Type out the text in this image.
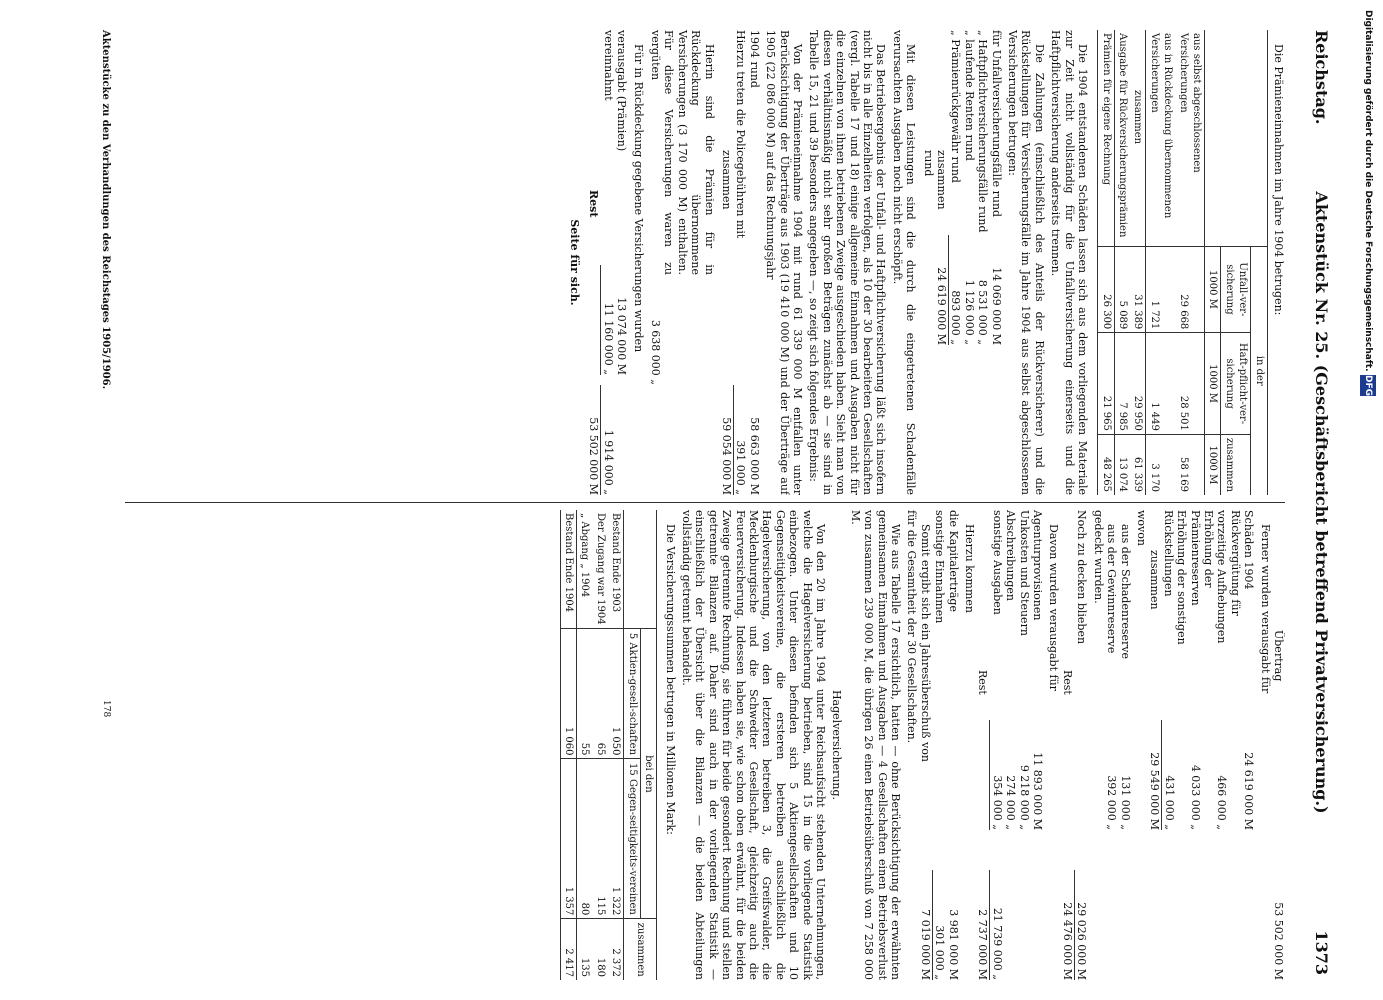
Digitalisierung gefördert durch die Deutsche Forschungsgemeinschaft. DFG
Reichstag.
Aktenstück Nr. 25. (Geschäftsbericht betreffend Privatversicherung.)
1373

Die Prämieneinnahmen im Jahre 1904 betrugen:

	in der		
	Unfall-ver-sicherung	Haft-pflicht-ver-sicherung	zusammen
	1000 M	1000 M	1000 M
aus selbst abgeschlossenen Versicherungen	29 668	28 501	58 169
aus in Rückdeckung übernommenen Versicherungen	1 721	1 449	3 170
zusammen	31 389	29 950	61 339
Ausgabe für Rückversicherungsprämien	5 089	7 985	13 074
Prämien für eigene Rechnung	26 300	21 965	48 265

Die 1904 entstandenen Schäden lassen sich aus dem vorliegenden Materiale zur Zeit nicht vollständig für die Unfallversicherung einerseits und die Haftpflichtversicherung anderseits trennen.

Die Zahlungen (einschließlich des Anteils der Rückversicherer) und die Rückstellungen für Versicherungsfälle im Jahre 1904 aus selbst abgeschlossenen Versicherungen betrugen:

für Unfallversicherungsfälle rund
14 069 000 M
„ Haftpflichtversicherungsfälle rund
8 531 000 „
„ laufende Renten rund
1 126 000 „
„ Prämienrückgewähr rund
893 000 „
zusammen rund
24 619 000 M

Mit diesen Leistungen sind die durch die eingetretenen Schadenfälle verursachten Ausgaben noch nicht erschöpft.

Das Betriebsergebnis der Unfall- und Haftpflichtversicherung läßt sich insofern nicht bis in alle Einzelheiten verfolgen, als 10 der 30 bearbeiteten Gesellschaften (vergl. Tabelle 17 und 18) einige allgemeine Einnahmen und Ausgaben nicht für die einzelnen von ihnen betriebenen Zweige ausgeschieden haben. Sieht man von diesen verhältnismäßig nicht sehr großen Beträgen zunächst ab — sie sind in Tabelle 15, 21 und 39 besonders angegeben —, so zeigt sich folgendes Ergebnis:

Von der Prämieneinnahme 1904 mit rund 61 339 000 M entfallen unter Berücksichtigung der Überträge aus 1903 (19 410 000 M) und der Überträge auf 1905 (22 086 000 M) auf das Rechnungsjahr

1904 rund
58 663 000 M
Hierzu treten die Policegebühren mit
391 000 „
zusammen
59 054 000 M
Hierin sind die Prämien für in Rückdeckung übernommene Versicherungen (3 170 000 M) enthalten. Für diese Versicherungen waren zu vergüten
3 638 000 „

Für in Rückdeckung gegebene Versicherungen wurden

verausgabt (Prämien)
13 074 000 M
vereinnahmt
11 160 000 „
1 914 000 „
Rest
53 502 000 M

Seite für sich.

Übertrag
53 502 000 M

Ferner wurden verausgabt für

Schäden 1904
24 619 000 M
Rückvergütung für vorzeitige Aufhebungen
466 000 „
Erhöhung der Prämienreserven
4 033 000 „
Erhöhung der sonstigen Rückstellungen
431 000 „
zusammen
29 549 000 M

wovon

aus der Schadenreserve
131 000 „
aus der Gewinnreserve
392 000 „

gedeckt wurden.

Noch zu decken blieben
29 026 000 M
Rest
24 476 000 M

Davon wurden verausgabt für

Agenturprovisionen
11 893 000 M
Unkosten und Steuern
9 218 000 „
Abschreibungen
274 000 „
sonstige Ausgaben
354 000 „
21 739 000 „
Rest
2 737 000 M

Hierzu kommen

die Kapitalerträge
3 981 000 M
sonstige Einnahmen
301 000 „
Somit ergibt sich ein Jahresüberschuß von
7 019 000 M

für die Gesamtheit der 30 Gesellschaften.

Wie aus Tabelle 17 ersichtlich, hatten — ohne Berücksichtigung der erwähnten gemeinsamen Einnahmen und Ausgaben — 4 Gesellschaften einen Betriebsverlust von zusammen 239 000 M, die übrigen 26 einen Betriebsüberschuß von 7 258 000 M.

Hagelversicherung.

Von den 20 im Jahre 1904 unter Reichsaufsicht stehenden Unternehmungen, welche die Hagelversicherung betrieben, sind 15 in die vorliegende Statistik einbezogen. Unter diesen befinden sich 5 Aktiengesellschaften und 10 Gegenseitigkeitsvereine, die ersteren betreiben ausschließlich die Hagelversicherung, von den letzteren betreiben 3, die Greifswalder, die Mecklenburgische und die Schwedter Gesellschaft, gleichzeitig auch die Feuerversicherung. Indessen haben sie, wie schon oben erwähnt, für die beiden Zweige getrennte Rechnung, sie führen für beide gesondert Rechnung und stellen getrennte Bilanzen auf. Daher sind auch in der vorliegenden Statistik — einschließlich der Übersicht über die Bilanzen — die beiden Abteilungen vollständig getrennt behandelt.

Die Versicherungssummen betrugen in Millionen Mark:

	bei den		zusammen
	5 Aktien-gesell-schaften	15 Gegen-seitigkeits-vereinen	
Bestand Ende 1903	1 050	1 322	2 372
Der Zugang war 1904	65	115	180
„ Abgang „ 1904	55	80	135
Bestand Ende 1904	1 060	1 357	2 417
Aktenstücke zu den Verhandlungen des Reichstages 1905/1906.
178
